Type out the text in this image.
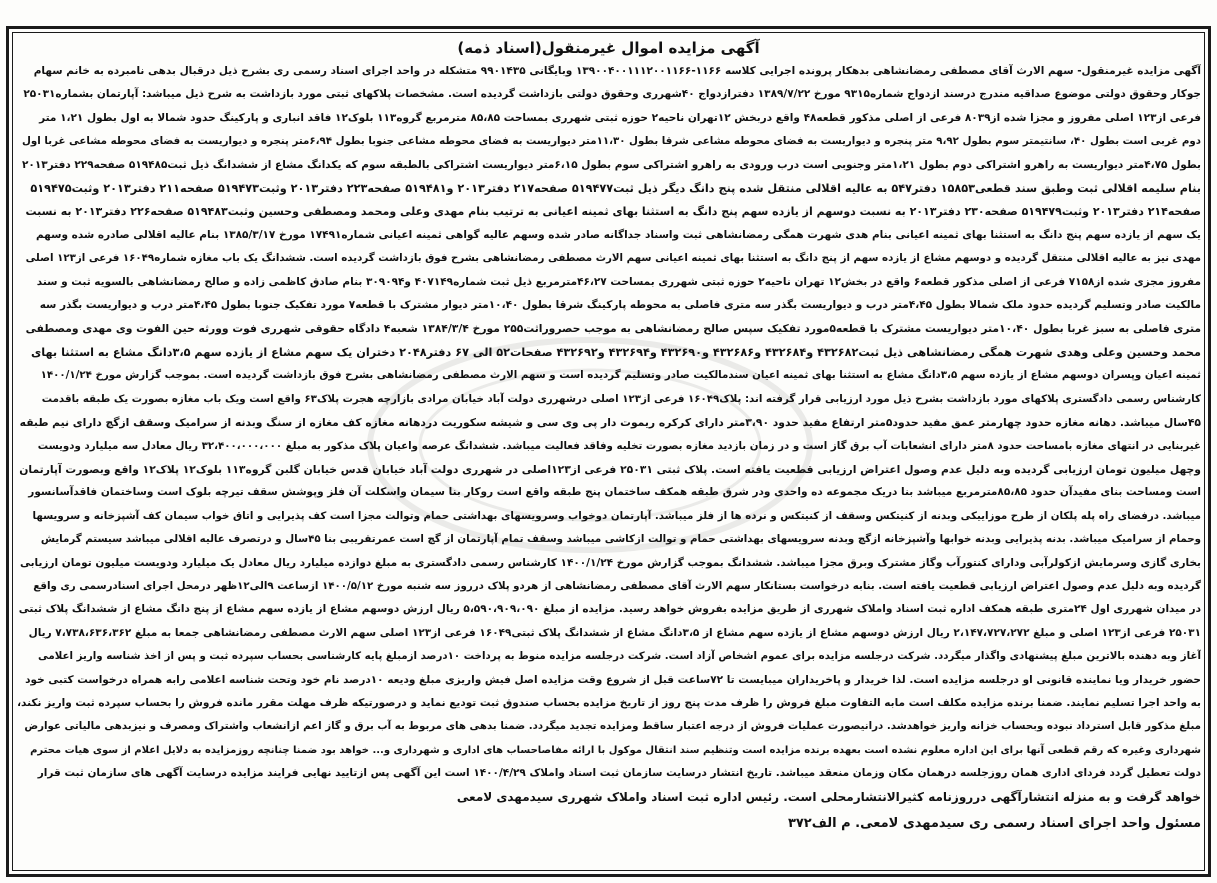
آگهی مزایده اموال غیرمنقول(اسناد ذمه)
آگهی مزایده غیرمنقول- سهم الارث آقای مصطفی رمضانشاهی بدهکار پرونده اجرایی کلاسه ۱۱۶۶-۱۳۹۰۰۴۰۰۱۱۱۲۰۰۱۱۶۶ وبایگانی ۹۹۰۱۴۳۵ متشکله در واحد اجرای اسناد رسمی ری بشرح ذیل درقبال بدهی نامبرده به خانم سهام
جوکار وحقوق دولتی موضوع صداقیه مندرج درسند ازدواج شماره۹۳۱۵ مورخ ۱۳۸۹/۷/۲۲ دفترازدواج ۴۰شهرری وحقوق دولتی بازداشت گردیده است. مشخصات پلاکهای ثبتی مورد بازداشت به شرح ذیل میباشد: آپارتمان بشماره۲۵۰۳۱
فرعی از۱۲۳ اصلی مفروز و مجزا شده از۸۰۳۹ فرعی از اصلی مذکور قطعه۴۸ واقع دربخش ۱۲تهران ناحیه۲ حوزه ثبتی شهرری بمساحت ۸۵،۸۵ مترمربع گروه۱۱۳ بلوک۱۲ فاقد انباری و پارکینگ حدود شمالا به اول بطول ۱،۲۱ متر
دوم غربی است بطول ۴۰، سانتیمتر سوم بطول ۹،۹۲ متر پنجره و دیواریست به فضای محوطه مشاعی شرقا بطول ۱۱،۳۰متر دیواریست به فضای محوطه مشاعی جنوبا بطول ۶،۹۴متر پنجره و دیواریست به فضای محوطه مشاعی غربا اول
بطول ۴،۷۵متر دیواریست به راهرو اشتراکی دوم بطول ۱،۲۱متر وجنوبی است درب ورودی به راهرو اشتراکی سوم بطول ۶،۱۵متر دیواریست اشتراکی بالطبقه سوم که یکدانگ مشاع از ششدانگ ذیل ثبت۵۱۹۴۸۵ صفحه۲۲۹ دفتر۲۰۱۳
بنام سلیمه اقلالی ثبت وطبق سند قطعی۱۵۸۵۳ دفتر۵۴۷ به عالیه اقلالی منتقل شده پنج دانگ دیگر ذیل ثبت۵۱۹۴۷۷ صفحه۲۱۷ دفتر۲۰۱۳ و۵۱۹۴۸۱ صفحه۲۲۳ دفتر۲۰۱۳ وثبت۵۱۹۴۷۳ صفحه۲۱۱ دفتر۲۰۱۳ وثبت۵۱۹۴۷۵
صفحه۲۱۴ دفتر۲۰۱۳ وثبت۵۱۹۴۷۹ صفحه۲۳۰ دفتر۲۰۱۳ به نسبت دوسهم از یازده سهم پنج دانگ به استثنا بهای ثمینه اعیانی به ترتیب بنام مهدی وعلی ومحمد ومصطفی وحسین وثبت۵۱۹۴۸۳ صفحه۲۲۶ دفتر۲۰۱۳ به نسبت
یک سهم از یازده سهم پنج دانگ به استثنا بهای ثمینه اعیانی بنام هدی شهرت همگی رمضانشاهی ثبت واسناد جداگانه صادر شده وسهم عالیه گواهی ثمینه اعیانی شماره۱۷۴۹۱ مورخ ۱۳۸۵/۳/۱۷ بنام عالیه اقلالی صادره شده وسهم
مهدی نیز به عالیه اقلالی منتقل گردیده و دوسهم مشاع از یازده سهم از پنج دانگ به استثنا بهای ثمینه اعیانی سهم الارث مصطفی رمضانشاهی بشرح فوق بازداشت گردیده است. ششدانگ یک باب مغازه شماره۱۶۰۴۹ فرعی از۱۲۳ اصلی
مفروز مجزی شده از۷۱۵۸ فرعی از اصلی مذکور قطعه۶ واقع در بخش۱۲ تهران ناحیه۲ حوزه ثبتی شهرری بمساحت ۴۶،۲۷مترمربع ذیل ثبت شماره۴۰۷۱۴۹ و۳۰۹۰۹۴ بنام صادق کاظمی زاده و صالح رمضانشاهی بالسویه ثبت و سند
مالکیت صادر وتسلیم گردیده حدود ملک شمالا بطول ۴،۴۵متر درب و دیواریست بگذر سه متری فاصلی به محوطه پارکینگ شرقا بطول ۱۰،۴۰متر دیوار مشترک با قطعه۷ مورد تفکیک جنوبا بطول ۴،۴۵متر درب و دیواریست بگذر سه
متری فاصلی به سبز غربا بطول ۱۰،۴۰متر دیواریست مشترک با قطعه۵مورد تفکیک سپس صالح رمضانشاهی به موجب حصروراثت۲۵۵ مورخ ۱۳۸۴/۳/۴ شعبه۴ دادگاه حقوقی شهرری فوت وورثه حین الفوت وی مهدی ومصطفی
محمد وحسین وعلی وهدی شهرت همگی رمضانشاهی ذیل ثبت۴۳۲۶۸۲ و۴۳۲۶۸۴ و۴۳۲۶۸۶ و۴۳۲۶۹۰ و۴۳۲۶۹۴ و۴۳۲۶۹۲ صفحات۵۲ الی ۶۷ دفتر۲۰۴۸ دختران یک سهم مشاع از یازده سهم ۳،۵دانگ مشاع به استثنا بهای
ثمینه اعیان وپسران دوسهم مشاع از یازده سهم ۳،۵دانگ مشاع به استثنا بهای ثمینه اعیان سندمالکیت صادر وتسلیم گردیده است و سهم الارث مصطفی رمضانشاهی بشرح فوق بازداشت گردیده است. بموجب گزارش مورخ ۱۴۰۰/۱/۲۴
کارشناس رسمی دادگستری پلاکهای مورد بازداشت بشرح ذیل مورد ارزیابی قرار گرفته اند: پلاک۱۶۰۴۹ فرعی از۱۲۳ اصلی درشهرری دولت آباد خیابان مرادی بازارچه هجرت پلاک۶۳ واقع است ویک باب مغازه بصورت یک طبقه باقدمت
۴۵سال میباشد. دهانه مغازه حدود چهارمتر عمق مفید حدود۵متر ارتفاع مفید حدود ۳،۹۰متر دارای کرکره ریموت دار پی وی سی و شیشه سکوریت دردهانه مغازه کف مغازه از سنگ وبدنه از سرامیک وسقف ازگچ دارای نیم طبقه
غیربنایی در انتهای مغازه بامساحت حدود ۸متر دارای انشعابات آب برق گاز است و در زمان بازدید مغازه بصورت تخلیه وفاقد فعالیت میباشد. ششدانگ عرصه واعیان پلاک مذکور به مبلغ ۳۲،۴۰۰،۰۰۰،۰۰۰ ریال معادل سه میلیارد ودویست
وچهل میلیون تومان ارزیابی گردیده وبه دلیل عدم وصول اعتراض ارزیابی قطعیت یافته است. پلاک ثبتی ۲۵۰۳۱ فرعی از۱۲۳اصلی در شهرری دولت آباد خیابان قدس خیابان گلبن گروه۱۱۳ بلوک۱۲ پلاک۱۲ واقع وبصورت آپارتمان
است ومساحت بنای مفیدآن حدود ۸۵،۸۵مترمربع میباشد بنا دریک مجموعه ده واحدی ودر شرق طبقه همکف ساختمان پنج طبقه واقع است روکار بنا سیمان واسکلت آن فلز وپوشش سقف تیرچه بلوک است وساختمان فاقدآسانسور
میباشد. درفضای راه پله پلکان از طرح موزاییکی وبدنه از کنیتکس وسقف از کنیتکس و نرده ها از فلز میباشد. آپارتمان دوخواب وسرویسهای بهداشتی حمام وتوالت مجزا است کف پذیرایی و اتاق خواب سیمان کف آشپزخانه و سرویسها
وحمام از سرامیک میباشد. بدنه پذیرایی وبدنه خوابها وآشپزخانه ازگچ وبدنه سرویسهای بهداشتی حمام و توالت ازکاشی میباشد وسقف تمام آپارتمان از گچ است عمرتقریبی بنا ۴۵سال و درتصرف عالیه اقلالی میباشد سیستم گرمایش
بخاری گازی وسرمایش ازکولرآبی ودارای کنتورآب وگاز مشترک وبرق مجزا میباشد. ششدانگ بموجب گزارش مورخ ۱۴۰۰/۱/۲۴ کارشناس رسمی دادگستری به مبلغ دوازده میلیارد ریال معادل یک میلیارد ودویست میلیون تومان ارزیابی
گردیده وبه دلیل عدم وصول اعتراض ارزیابی قطعیت یافته است. بنابه درخواست بستانکار سهم الارث آقای مصطفی رمضانشاهی از هردو پلاک درروز سه شنبه مورخ ۱۴۰۰/۵/۱۲ ازساعت ۹الی۱۲ظهر درمحل اجرای اسنادرسمی ری واقع
در میدان شهرری اول ۲۴متری طبقه همکف اداره ثبت اسناد واملاک شهرری از طریق مزایده بفروش خواهد رسید. مزایده از مبلغ ۵،۵۹۰،۹۰۹،۰۹۰ ریال ارزش دوسهم مشاع از یازده سهم مشاع از پنج دانگ مشاع از ششدانگ پلاک ثبتی
۲۵۰۳۱ فرعی از۱۲۳ اصلی و مبلغ ۲،۱۴۷،۷۲۷،۲۷۲ ریال ارزش دوسهم مشاع از یازده سهم مشاع از ۳،۵دانگ مشاع از ششدانگ پلاک ثبتی۱۶۰۴۹ فرعی از۱۲۳ اصلی سهم الارث مصطفی رمضانشاهی جمعا به مبلغ ۷،۷۳۸،۶۳۶،۳۶۲ ریال
آغاز وبه دهنده بالاترین مبلغ پیشنهادی واگذار میگردد. شرکت درجلسه مزایده برای عموم اشخاص آزاد است. شرکت درجلسه مزایده منوط به پرداخت ۱۰درصد ازمبلغ پایه کارشناسی بحساب سپرده ثبت و پس از اخذ شناسه واریز اعلامی
حضور خریدار ویا نماینده قانونی او درجلسه مزایده است. لذا خریدار و پاخریداران میبایست تا ۷۲ساعت قبل از شروع وقت مزایده اصل فیش واریزی مبلغ ودیعه ۱۰درصد نام خود وتحت شناسه اعلامی رابه همراه درخواست کتبی خود
به واحد اجرا تسلیم نمایند. ضمنا برنده مزایده مکلف است مابه التفاوت مبلغ فروش را ظرف مدت پنج روز از تاریخ مزایده بحساب صندوق ثبت تودیع نماید و درصورتیکه ظرف مهلت مقرر مانده فروش را بحساب سپرده ثبت واریز نکند،
مبلغ مذکور قابل استرداد نبوده وبحساب خزانه واریز خواهدشد. درانیصورت عملیات فروش از درجه اعتبار ساقط ومزایده تجدید میگردد. ضمنا بدهی های مربوط به آب برق و گاز اعم ازانشعاب واشتراک ومصرف و نیزبدهی مالیاتی عوارض
شهرداری وغیره که رقم قطعی آنها برای این اداره معلوم نشده است بعهده برنده مزایده است وتنظیم سند انتقال موکول با ارائه مفاصاحساب های اداری و شهرداری و... خواهد بود ضمنا چنانچه روزمزایده به دلایل اعلام از سوی هیات محترم
دولت تعطیل گردد فردای اداری همان روزجلسه درهمان مکان وزمان منعقد میباشد. تاریخ انتشار درسایت سازمان ثبت اسناد واملاک ۱۴۰۰/۴/۲۹ است این آگهی پس ازتایید نهایی فرایند مزایده درسایت آگهی های سازمان ثبت قرار
خواهد گرفت و به منزله انتشارآگهی درروزنامه کثیرالانتشارمحلی است. رئیس اداره ثبت اسناد واملاک شهرری سیدمهدی لامعی
مسئول واحد اجرای اسناد رسمی ری سیدمهدی لامعی. م الف۳۷۲
